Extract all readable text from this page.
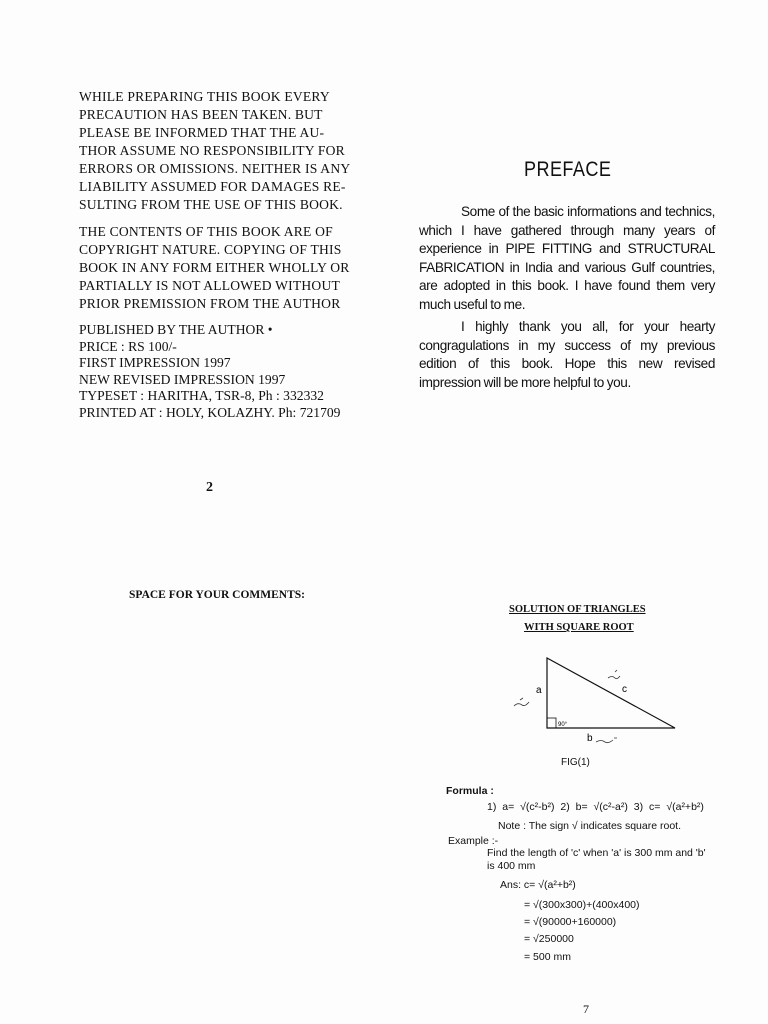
WHILE PREPARING THIS BOOK EVERY
PRECAUTION HAS BEEN TAKEN. BUT
PLEASE BE INFORMED THAT THE AU-
THOR ASSUME NO RESPONSIBILITY FOR
ERRORS OR OMISSIONS. NEITHER IS ANY
LIABILITY ASSUMED FOR DAMAGES RE-
SULTING FROM THE USE OF THIS BOOK.
THE CONTENTS OF THIS BOOK ARE OF
COPYRIGHT NATURE. COPYING OF THIS
BOOK IN ANY FORM EITHER WHOLLY OR
PARTIALLY IS NOT ALLOWED WITHOUT
PRIOR PREMISSION FROM THE AUTHOR
PUBLISHED BY THE AUTHOR •
PRICE : RS 100/-
FIRST IMPRESSION 1997
NEW REVISED IMPRESSION 1997
TYPESET : HARITHA, TSR-8, Ph : 332332
PRINTED AT : HOLY, KOLAZHY. Ph: 721709
2
PREFACE

Some of the basic informations and technics, which I have gathered through many years of experience in PIPE FITTING and STRUCTURAL FABRICATION in India and various Gulf countries, are adopted in this book. I have found them very much useful to me.

I highly thank you all, for your hearty congragulations in my success of my previous edition of this book. Hope this new revised impression will be more helpful to you.

SPACE FOR YOUR COMMENTS:
SOLUTION OF TRIANGLES
WITH SQUARE ROOT
a	c
b
90°
FIG(1)
Formula :
1) a= √(c²-b²) 2) b= √(c²-a²) 3) c= √(a²+b²)
Note : The sign √ indicates square root.
Example :-
Find the length of 'c' when 'a' is 300 mm and 'b' is 400 mm
Ans: c= √(a²+b²)
= √(300x300)+(400x400)
= √(90000+160000)
= √250000
= 500 mm
7
